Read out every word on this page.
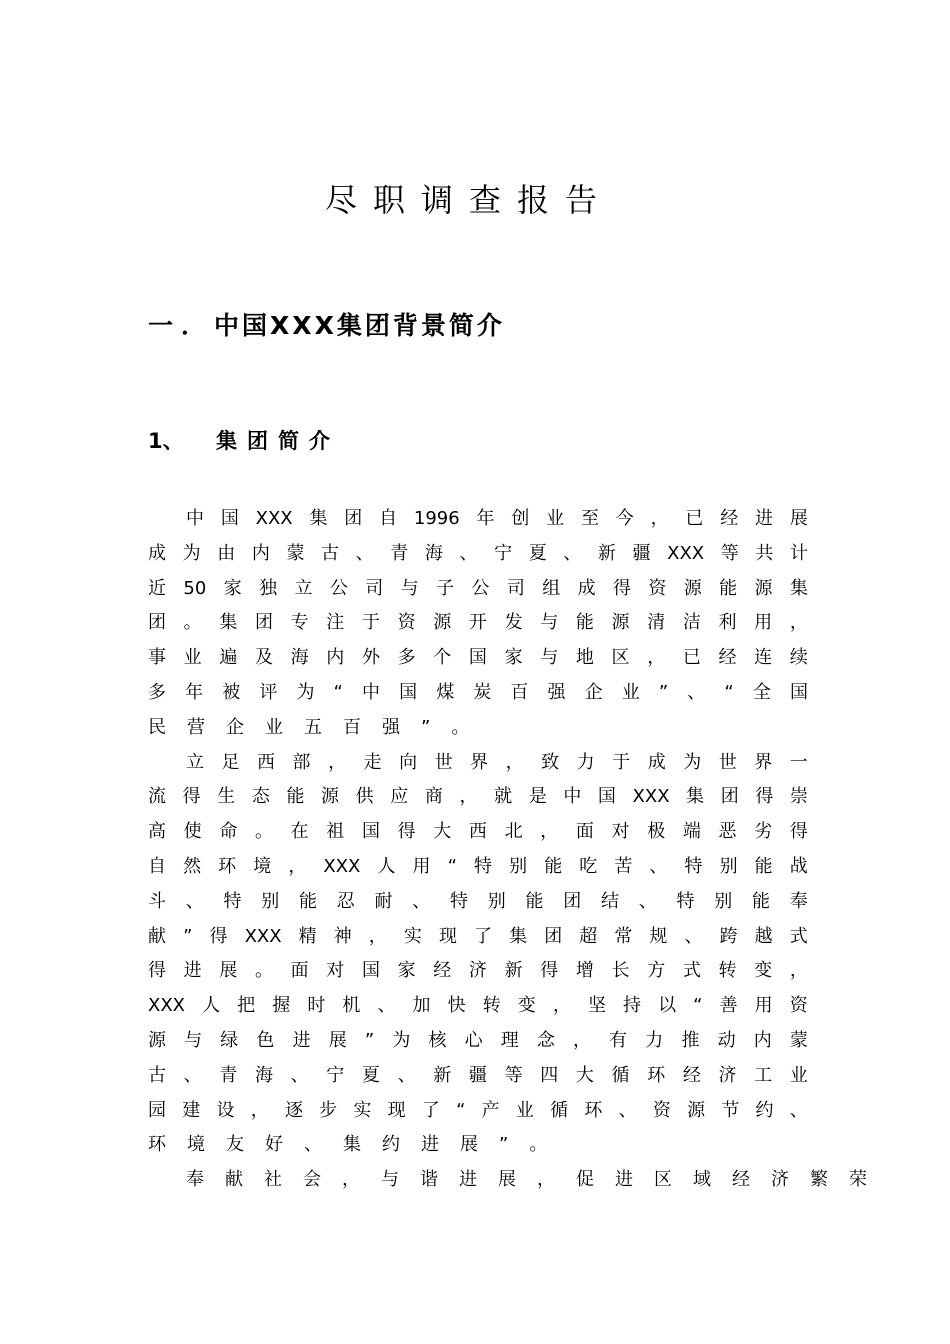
尽职调查报告
一．中国XXX集团背景简介
1、 集团简介
中 国 XXX 集 团 自 1996 年 创 业 至 今 ， 已 经 进 展
成 为 由 内 蒙 古 、 青 海 、 宁 夏 、 新 疆 XXX 等 共 计
近 50 家 独 立 公 司 与 子 公 司 组 成 得 资 源 能 源 集
团 。 集 团 专 注 于 资 源 开 发 与 能 源 清 洁 利 用 ，
事 业 遍 及 海 内 外 多 个 国 家 与 地 区 ， 已 经 连 续
多 年 被 评 为 “ 中 国 煤 炭 百 强 企 业 ” 、 “ 全 国
民 营 企 业 五 百 强 ” 。
立 足 西 部 ， 走 向 世 界 ， 致 力 于 成 为 世 界 一
流 得 生 态 能 源 供 应 商 ， 就 是 中 国 XXX 集 团 得 崇
高 使 命 。 在 祖 国 得 大 西 北 ， 面 对 极 端 恶 劣 得
自 然 环 境 ， XXX 人 用 “ 特 别 能 吃 苦 、 特 别 能 战
斗 、 特 别 能 忍 耐 、 特 别 能 团 结 、 特 别 能 奉
献 ” 得 XXX 精 神 ， 实 现 了 集 团 超 常 规 、 跨 越 式
得 进 展 。 面 对 国 家 经 济 新 得 增 长 方 式 转 变 ，
XXX 人 把 握 时 机 、 加 快 转 变 ， 坚 持 以 “ 善 用 资
源 与 绿 色 进 展 ” 为 核 心 理 念 ， 有 力 推 动 内 蒙
古 、 青 海 、 宁 夏 、 新 疆 等 四 大 循 环 经 济 工 业
园 建 设 ， 逐 步 实 现 了 “ 产 业 循 环 、 资 源 节 约 、
环 境 友 好 、 集 约 进 展 ” 。
奉 献 社 会 ， 与 谐 进 展 ， 促 进 区 域 经 济 繁 荣
